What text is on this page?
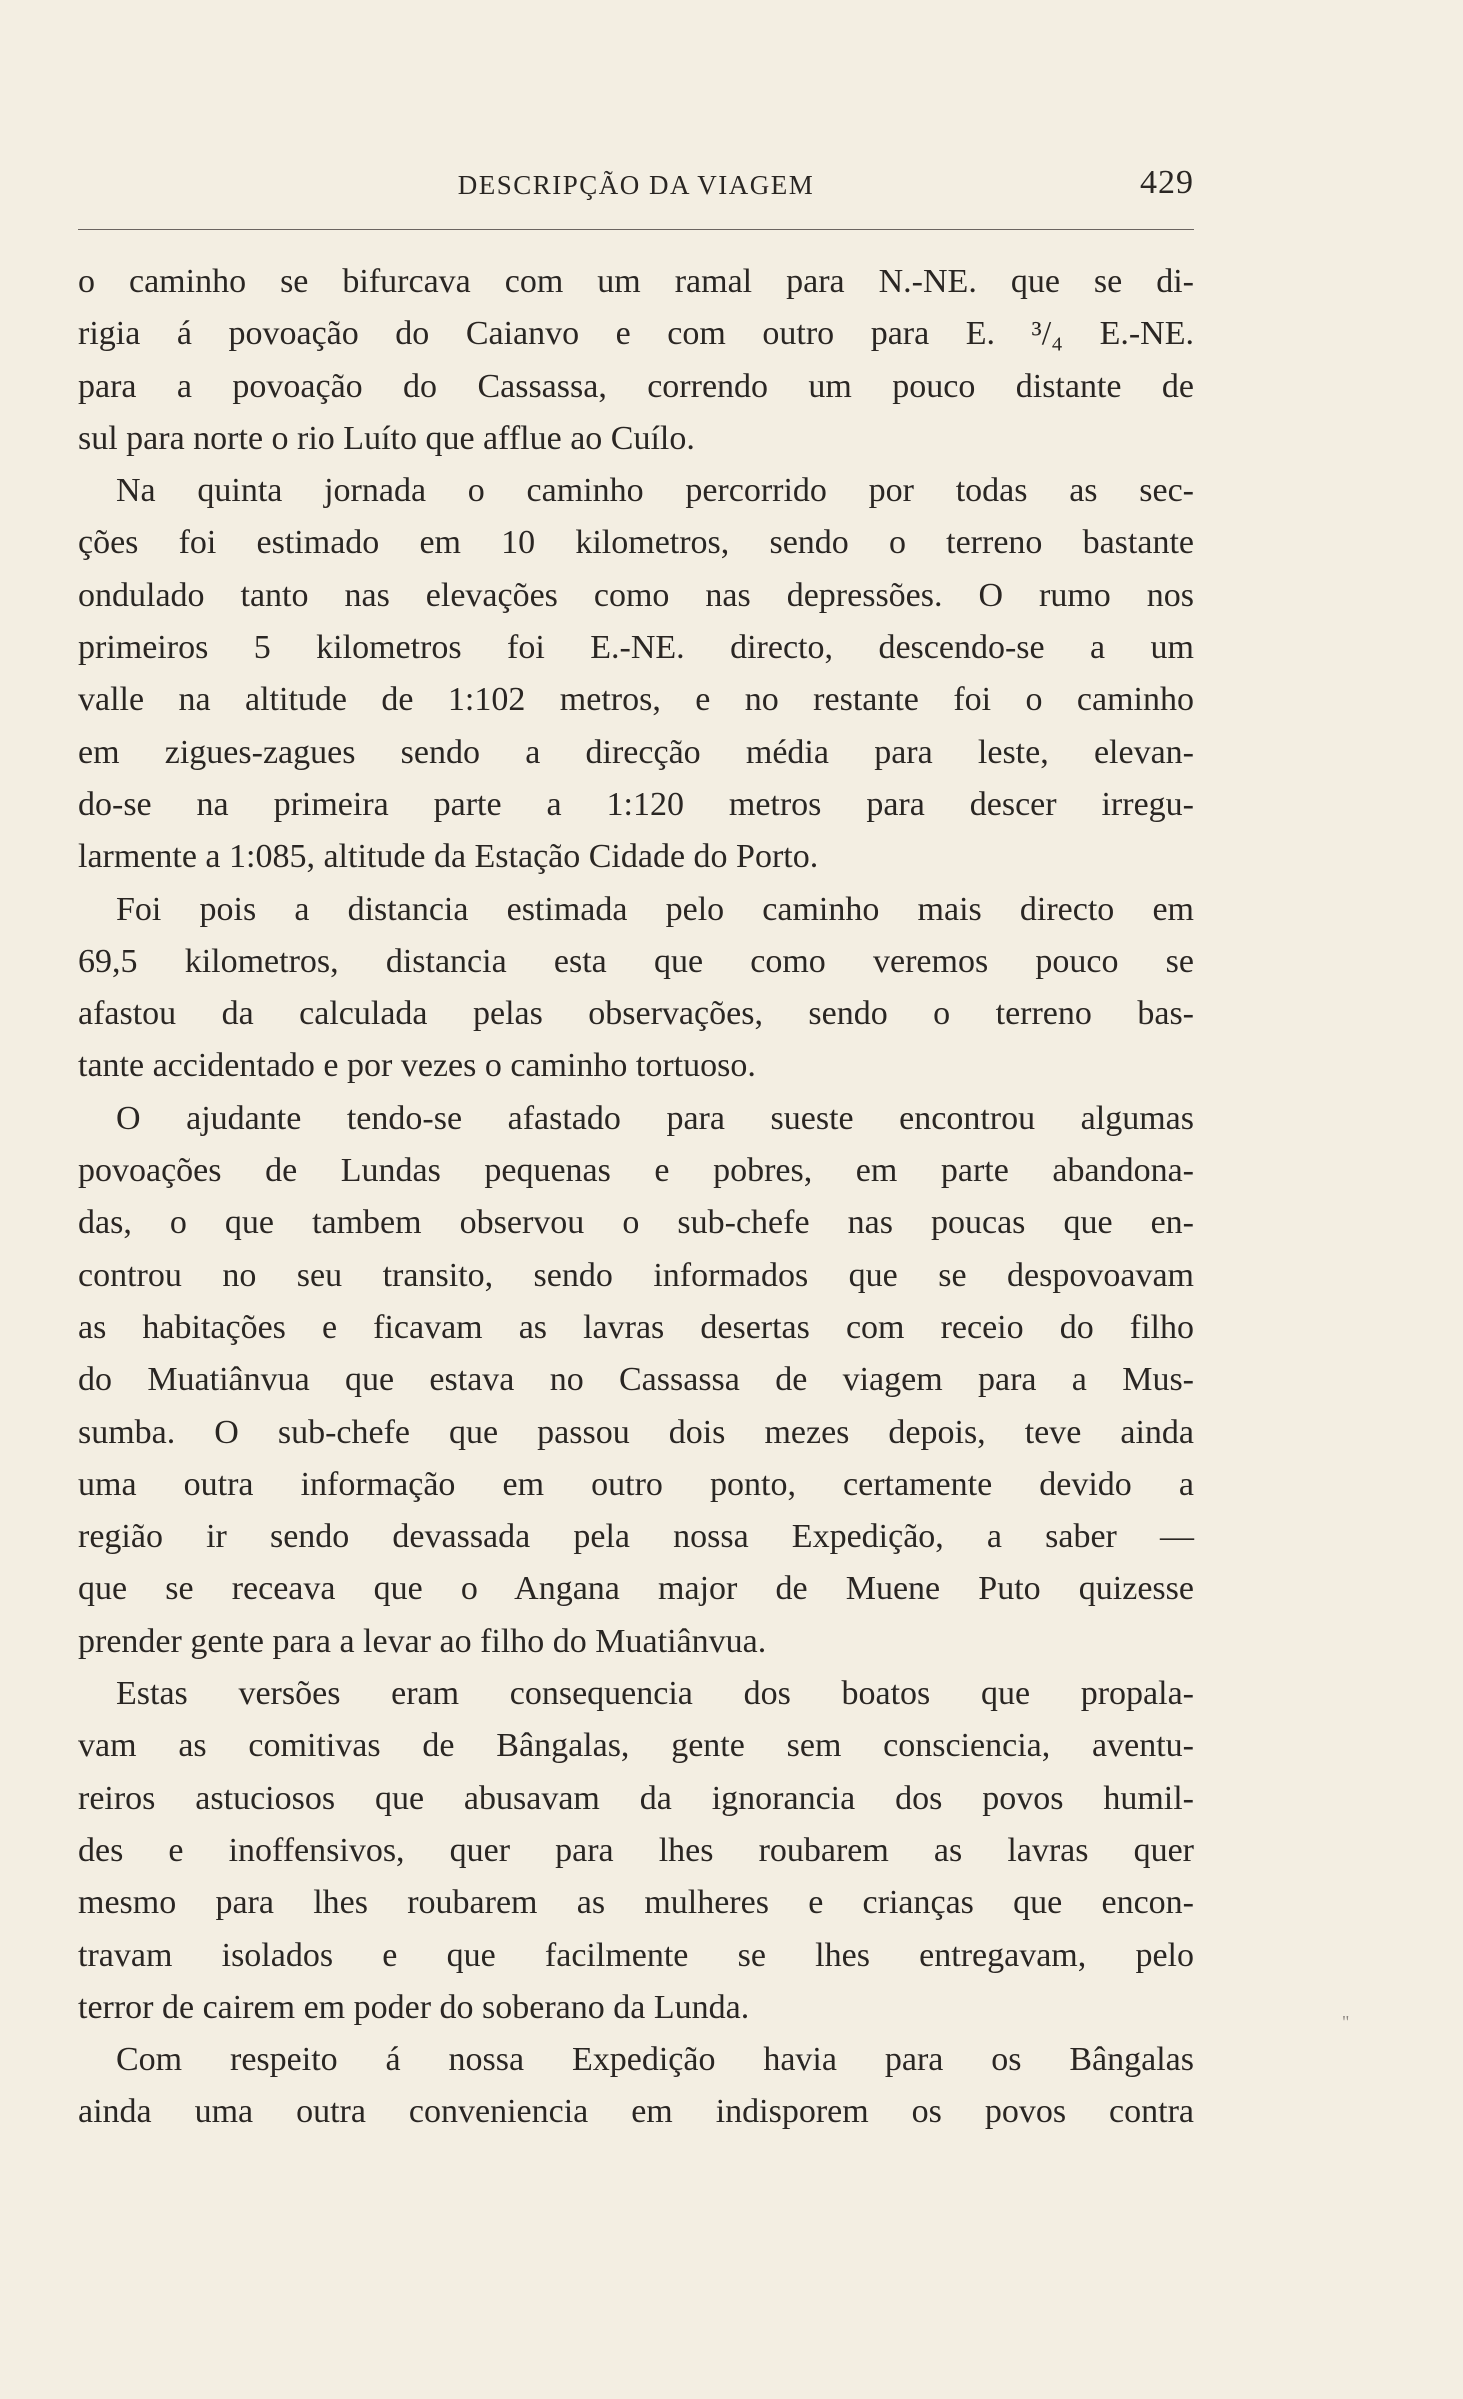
DESCRIPÇÃO DA VIAGEM	429
o caminho se bifurcava com um ramal para N.-NE. que se di-
rigia á povoação do Caianvo e com outro para E. ³/₄ E.-NE.
para a povoação do Cassassa, correndo um pouco distante de
sul para norte o rio Luíto que afflue ao Cuílo.
Na quinta jornada o caminho percorrido por todas as sec-
ções foi estimado em 10 kilometros, sendo o terreno bastante
ondulado tanto nas elevações como nas depressões. O rumo nos
primeiros 5 kilometros foi E.-NE. directo, descendo-se a um
valle na altitude de 1:102 metros, e no restante foi o caminho
em zigues-zagues sendo a direcção média para leste, elevan-
do-se na primeira parte a 1:120 metros para descer irregu-
larmente a 1:085, altitude da Estação Cidade do Porto.
Foi pois a distancia estimada pelo caminho mais directo em
69,5 kilometros, distancia esta que como veremos pouco se
afastou da calculada pelas observações, sendo o terreno bas-
tante accidentado e por vezes o caminho tortuoso.
O ajudante tendo-se afastado para sueste encontrou algumas
povoações de Lundas pequenas e pobres, em parte abandona-
das, o que tambem observou o sub-chefe nas poucas que en-
controu no seu transito, sendo informados que se despovoavam
as habitações e ficavam as lavras desertas com receio do filho
do Muatiânvua que estava no Cassassa de viagem para a Mus-
sumba. O sub-chefe que passou dois mezes depois, teve ainda
uma outra informação em outro ponto, certamente devido a
região ir sendo devassada pela nossa Expedição, a saber —
que se receava que o Angana major de Muene Puto quizesse
prender gente para a levar ao filho do Muatiânvua.
Estas versões eram consequencia dos boatos que propala-
vam as comitivas de Bângalas, gente sem consciencia, aventu-
reiros astuciosos que abusavam da ignorancia dos povos humil-
des e inoffensivos, quer para lhes roubarem as lavras quer
mesmo para lhes roubarem as mulheres e crianças que encon-
travam isolados e que facilmente se lhes entregavam, pelo
terror de cairem em poder do soberano da Lunda.
Com respeito á nossa Expedição havia para os Bângalas
ainda uma outra conveniencia em indisporem os povos contra
"
